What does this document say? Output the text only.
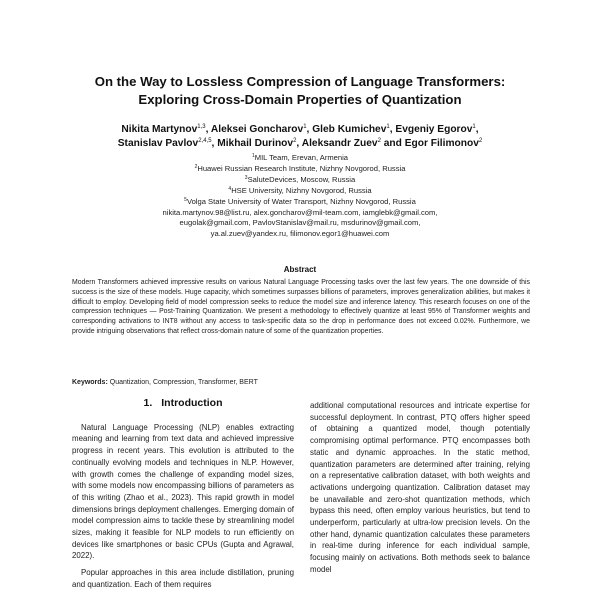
On the Way to Lossless Compression of Language Transformers:
Exploring Cross-Domain Properties of Quantization
Nikita Martynov$^{1,3}$, Aleksei Goncharov$^1$, Gleb Kumichev$^1$, Evgeniy Egorov$^1$,
Stanislav Pavlov$^{2,4,5}$, Mikhail Durinov$^2$, Aleksandr Zuev$^2$ and Egor Filimonov$^2$
$^1$MIL Team, Erevan, Armenia
$^2$Huawei Russian Research Institute, Nizhny Novgorod, Russia
$^3$SaluteDevices, Moscow, Russia
$^4$HSE University, Nizhny Novgorod, Russia
$^5$Volga State University of Water Transport, Nizhny Novgorod, Russia
nikita.martynov.98@list.ru, alex.goncharov@mil-team.com, iamglebk@gmail.com,
eugolak@gmail.com, PavlovStanislav@mail.ru, msdurinov@gmail.com,
ya.al.zuev@yandex.ru, filimonov.egor1@huawei.com
Abstract
Modern Transformers achieved impressive results on various Natural Language Processing tasks over the last few years. The one downside of this success is the size of these models. Huge capacity, which sometimes surpasses billions of parameters, improves generalization abilities, but makes it difficult to employ. Developing field of model compression seeks to reduce the model size and inference latency. This research focuses on one of the compression techniques — Post-Training Quantization. We present a methodology to effectively quantize at least 95% of Transformer weights and corresponding activations to INT8 without any access to task-specific data so the drop in performance does not exceed 0.02%. Furthermore, we provide intriguing observations that reflect cross-domain nature of some of the quantization properties.
Keywords: Quantization, Compression, Transformer, BERT
1. Introduction

Natural Language Processing (NLP) enables extracting meaning and learning from text data and achieved impressive progress in recent years. This evolution is attributed to the continually evolving models and techniques in NLP. However, with growth comes the challenge of expanding model sizes, with some models now encompassing billions of parameters as of this writing (Zhao et al., 2023). This rapid growth in model dimensions brings deployment challenges. Emerging domain of model compression aims to tackle these by streamlining model sizes, making it feasible for NLP models to run efficiently on devices like smartphones or basic CPUs (Gupta and Agrawal, 2022).

Popular approaches in this area include distillation, pruning and quantization. Each of them requires

additional computational resources and intricate expertise for successful deployment. In contrast, PTQ offers higher speed of obtaining a quantized model, though potentially compromising optimal performance. PTQ encompasses both static and dynamic approaches. In the static method, quantization parameters are determined after training, relying on a representative calibration dataset, with both weights and activations undergoing quantization. Calibration dataset may be unavailable and zero-shot quantization methods, which bypass this need, often employ various heuristics, but tend to underperform, particularly at ultra-low precision levels. On the other hand, dynamic quantization calculates these parameters in real-time during inference for each individual sample, focusing mainly on activations. Both methods seek to balance model
